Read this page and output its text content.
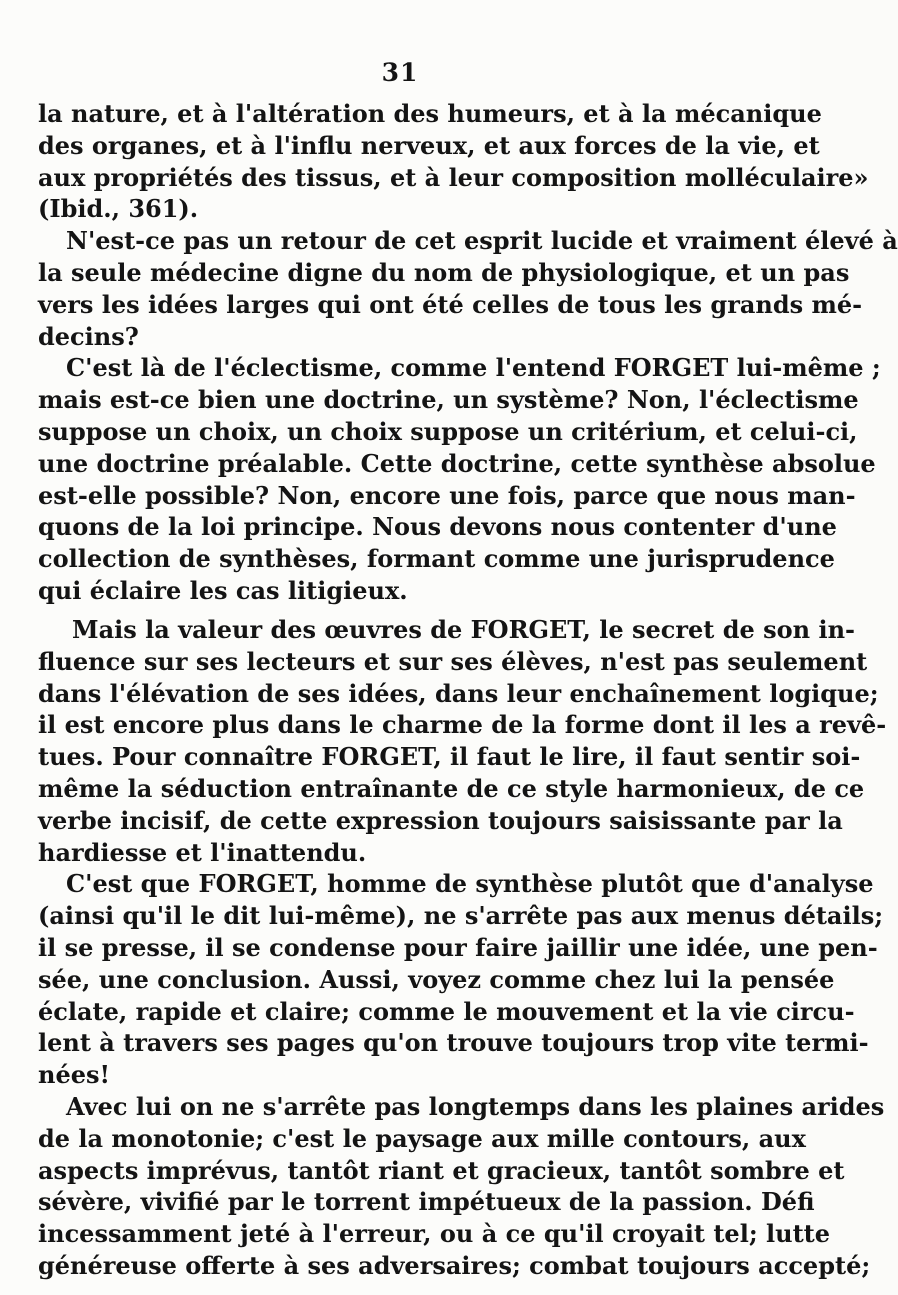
31
la nature, et à l'altération des humeurs, et à la mécanique
des organes, et à l'influ nerveux, et aux forces de la vie, et
aux propriétés des tissus, et à leur composition molléculaire»
(Ibid., 361).
N'est-ce pas un retour de cet esprit lucide et vraiment élevé à
la seule médecine digne du nom de physiologique, et un pas
vers les idées larges qui ont été celles de tous les grands mé-
decins?
C'est là de l'éclectisme, comme l'entend FORGET lui-même ;
mais est-ce bien une doctrine, un système? Non, l'éclectisme
suppose un choix, un choix suppose un critérium, et celui-ci,
une doctrine préalable. Cette doctrine, cette synthèse absolue
est-elle possible? Non, encore une fois, parce que nous man-
quons de la loi principe. Nous devons nous contenter d'une
collection de synthèses, formant comme une jurisprudence
qui éclaire les cas litigieux.
Mais la valeur des œuvres de FORGET, le secret de son in-
fluence sur ses lecteurs et sur ses élèves, n'est pas seulement
dans l'élévation de ses idées, dans leur enchaînement logique;
il est encore plus dans le charme de la forme dont il les a revê-
tues. Pour connaître FORGET, il faut le lire, il faut sentir soi-
même la séduction entraînante de ce style harmonieux, de ce
verbe incisif, de cette expression toujours saisissante par la
hardiesse et l'inattendu.
C'est que FORGET, homme de synthèse plutôt que d'analyse
(ainsi qu'il le dit lui-même), ne s'arrête pas aux menus détails;
il se presse, il se condense pour faire jaillir une idée, une pen-
sée, une conclusion. Aussi, voyez comme chez lui la pensée
éclate, rapide et claire; comme le mouvement et la vie circu-
lent à travers ses pages qu'on trouve toujours trop vite termi-
nées!
Avec lui on ne s'arrête pas longtemps dans les plaines arides
de la monotonie; c'est le paysage aux mille contours, aux
aspects imprévus, tantôt riant et gracieux, tantôt sombre et
sévère, vivifié par le torrent impétueux de la passion. Défi
incessamment jeté à l'erreur, ou à ce qu'il croyait tel; lutte
généreuse offerte à ses adversaires; combat toujours accepté;
